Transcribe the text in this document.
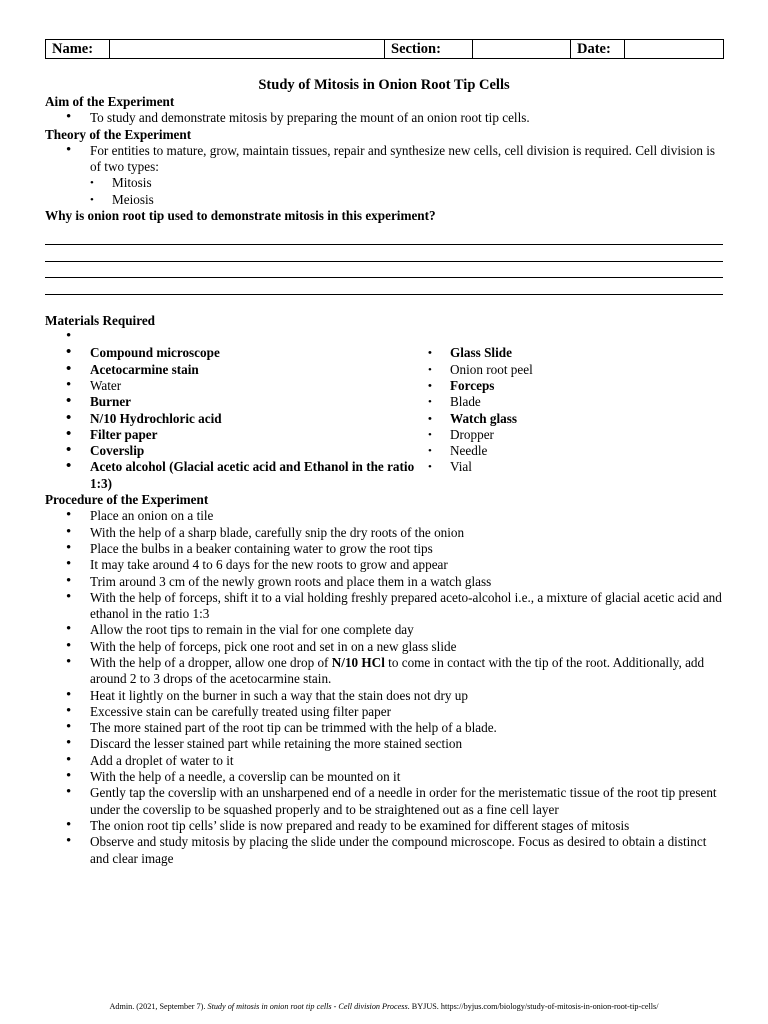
Name:		Section:		Date:	
Study of Mitosis in Onion Root Tip Cells
Aim of the Experiment
• To study and demonstrate mitosis by preparing the mount of an onion root tip cells.
Theory of the Experiment
• For entities to mature, grow, maintain tissues, repair and synthesize new cells, cell division is required. Cell division is of two types:
• Mitosis
• Meiosis
Why is onion root tip used to demonstrate mitosis in this experiment?
Materials Required
•
• Compound microscope
• Acetocarmine stain
• Water
• Burner
• N/10 Hydrochloric acid
• Filter paper
• Coverslip
• Aceto alcohol (Glacial acetic acid and Ethanol in the ratio 1:3)
• Glass Slide
• Onion root peel
• Forceps
• Blade
• Watch glass
• Dropper
• Needle
• Vial
Procedure of the Experiment
• Place an onion on a tile
• With the help of a sharp blade, carefully snip the dry roots of the onion
• Place the bulbs in a beaker containing water to grow the root tips
• It may take around 4 to 6 days for the new roots to grow and appear
• Trim around 3 cm of the newly grown roots and place them in a watch glass
• With the help of forceps, shift it to a vial holding freshly prepared aceto-alcohol i.e., a mixture of glacial acetic acid and ethanol in the ratio 1:3
• Allow the root tips to remain in the vial for one complete day
• With the help of forceps, pick one root and set in on a new glass slide
• With the help of a dropper, allow one drop of N/10 HCl to come in contact with the tip of the root. Additionally, add around 2 to 3 drops of the acetocarmine stain.
• Heat it lightly on the burner in such a way that the stain does not dry up
• Excessive stain can be carefully treated using filter paper
• The more stained part of the root tip can be trimmed with the help of a blade.
• Discard the lesser stained part while retaining the more stained section
• Add a droplet of water to it
• With the help of a needle, a coverslip can be mounted on it
• Gently tap the coverslip with an unsharpened end of a needle in order for the meristematic tissue of the root tip present under the coverslip to be squashed properly and to be straightened out as a fine cell layer
• The onion root tip cells’ slide is now prepared and ready to be examined for different stages of mitosis
• Observe and study mitosis by placing the slide under the compound microscope. Focus as desired to obtain a distinct and clear image
Admin. (2021, September 7). Study of mitosis in onion root tip cells - Cell division Process. BYJUS. https://byjus.com/biology/study-of-mitosis-in-onion-root-tip-cells/
